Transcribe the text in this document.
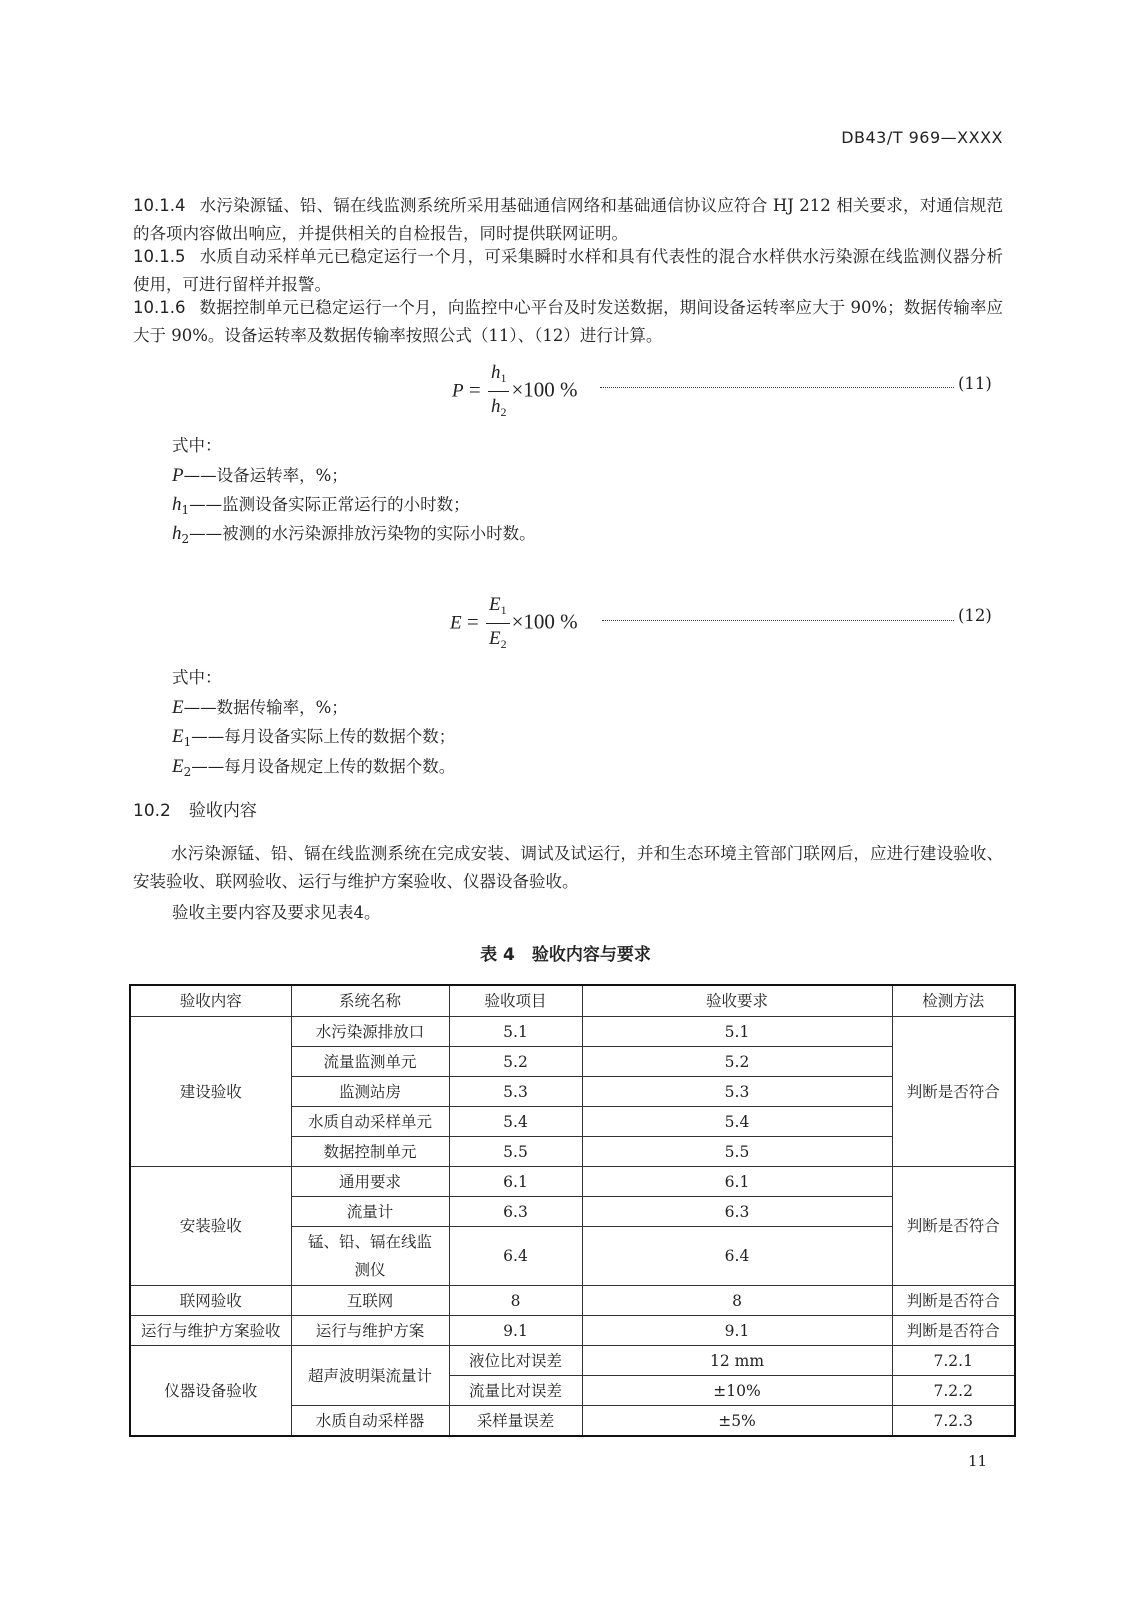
DB43/T 969—XXXX
10.1.4 水污染源锰、铅、镉在线监测系统所采用基础通信网络和基础通信协议应符合 HJ 212 相关要求，对通信规范的各项内容做出响应，并提供相关的自检报告，同时提供联网证明。
10.1.5 水质自动采样单元已稳定运行一个月，可采集瞬时水样和具有代表性的混合水样供水污染源在线监测仪器分析使用，可进行留样并报警。
10.1.6 数据控制单元已稳定运行一个月，向监控中心平台及时发送数据，期间设备运转率应大于 90%；数据传输率应大于 90%。设备运转率及数据传输率按照公式（11）、（12）进行计算。
$P = \frac{h_1}{h_2} \times 100$ %	(11)
式中：
P——设备运转率，%；
$h_1——$监测设备实际正常运行的小时数；
$h_2——$被测的水污染源排放污染物的实际小时数。
$E = \frac{E_1}{E_2} \times 100$ %	(12)
式中：
E——数据传输率，%；
$E_1——$每月设备实际上传的数据个数；
$E_2——$每月设备规定上传的数据个数。
10.2 验收内容
水污染源锰、铅、镉在线监测系统在完成安装、调试及试运行，并和生态环境主管部门联网后，应进行建设验收、安装验收、联网验收、运行与维护方案验收、仪器设备验收。
验收主要内容及要求见表4。
表 4　验收内容与要求
验收内容	系统名称	验收项目	验收要求	检测方法
建设验收	水污染源排放口	5.1	5.1	判断是否符合
	流量监测单元	5.2	5.2	
	监测站房	5.3	5.3	
	水质自动采样单元	5.4	5.4	
	数据控制单元	5.5	5.5	
安装验收	通用要求	6.1	6.1	判断是否符合
	流量计	6.3	6.3	
	锰、铅、镉在线监测仪	6.4	6.4	
联网验收	互联网	8	8	判断是否符合
运行与维护方案验收	运行与维护方案	9.1	9.1	判断是否符合
仪器设备验收	超声波明渠流量计	液位比对误差	12 mm	7.2.1
		流量比对误差	±10%	7.2.2
	水质自动采样器	采样量误差	±5%	7.2.3
11
